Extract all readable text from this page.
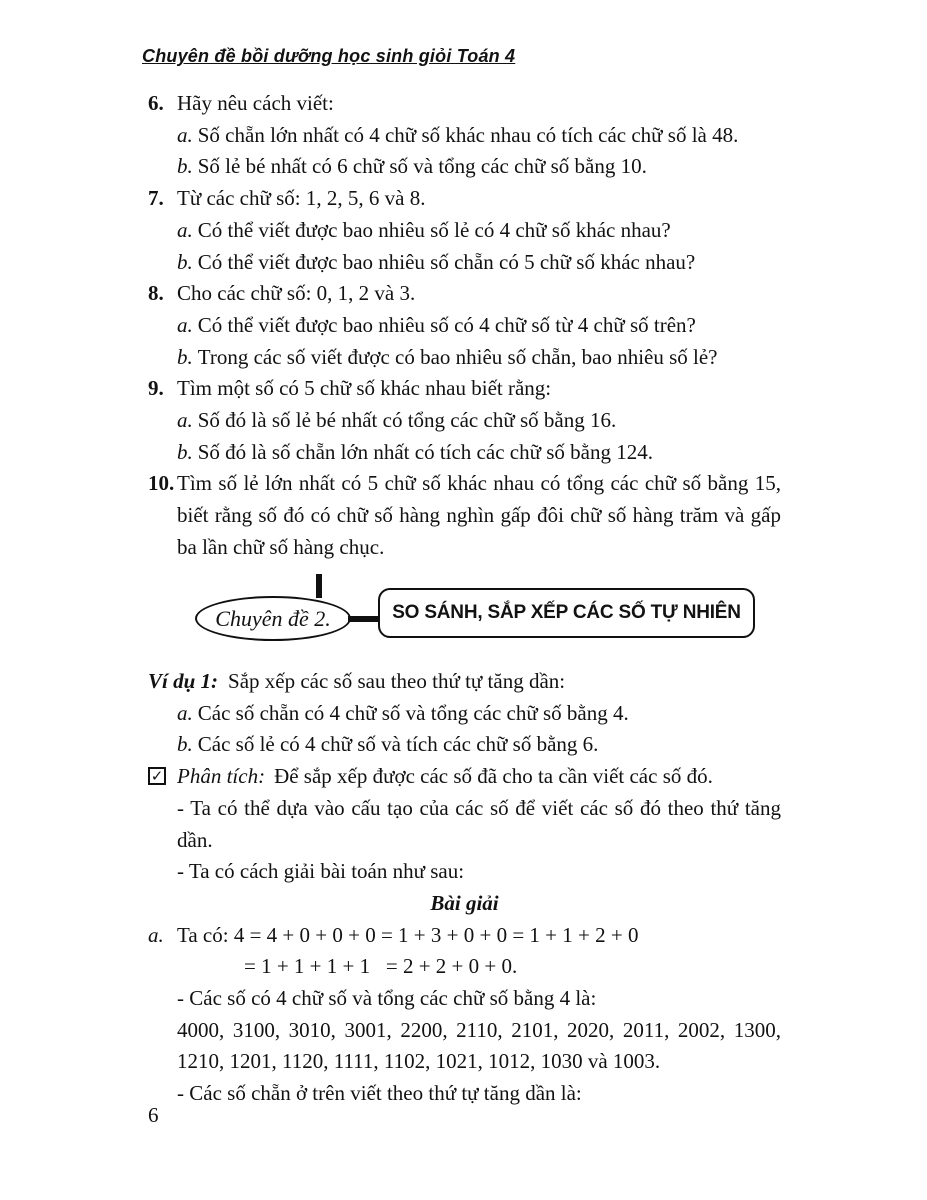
Chuyên đề bồi dưỡng học sinh giỏi Toán 4
6. Hãy nêu cách viết:
a. Số chẵn lớn nhất có 4 chữ số khác nhau có tích các chữ số là 48.
b. Số lẻ bé nhất có 6 chữ số và tổng các chữ số bằng 10.
7. Từ các chữ số: 1, 2, 5, 6 và 8.
a. Có thể viết được bao nhiêu số lẻ có 4 chữ số khác nhau?
b. Có thể viết được bao nhiêu số chẵn có 5 chữ số khác nhau?
8. Cho các chữ số: 0, 1, 2 và 3.
a. Có thể viết được bao nhiêu số có 4 chữ số từ 4 chữ số trên?
b. Trong các số viết được có bao nhiêu số chẵn, bao nhiêu số lẻ?
9. Tìm một số có 5 chữ số khác nhau biết rằng:
a. Số đó là số lẻ bé nhất có tổng các chữ số bằng 16.
b. Số đó là số chẵn lớn nhất có tích các chữ số bằng 124.
10. Tìm số lẻ lớn nhất có 5 chữ số khác nhau có tổng các chữ số bằng 15, biết rằng số đó có chữ số hàng nghìn gấp đôi chữ số hàng trăm và gấp ba lần chữ số hàng chục.
Chuyên đề 2.	SO SÁNH, SẮP XẾP CÁC SỐ TỰ NHIÊN
Ví dụ 1: Sắp xếp các số sau theo thứ tự tăng dần:
a. Các số chẵn có 4 chữ số và tổng các chữ số bằng 4.
b. Các số lẻ có 4 chữ số và tích các chữ số bằng 6.
✓ Phân tích: Để sắp xếp được các số đã cho ta cần viết các số đó.
- Ta có thể dựa vào cấu tạo của các số để viết các số đó theo thứ tăng dần.
- Ta có cách giải bài toán như sau:
Bài giải
a. Ta có: 4 = 4 + 0 + 0 + 0 = 1 + 3 + 0 + 0 = 1 + 1 + 2 + 0
= 1 + 1 + 1 + 1   = 2 + 2 + 0 + 0.
- Các số có 4 chữ số và tổng các chữ số bằng 4 là:
4000, 3100, 3010, 3001, 2200, 2110, 2101, 2020, 2011, 2002, 1300, 1210, 1201, 1120, 1111, 1102, 1021, 1012, 1030 và 1003.
- Các số chẵn ở trên viết theo thứ tự tăng dần là:
6
